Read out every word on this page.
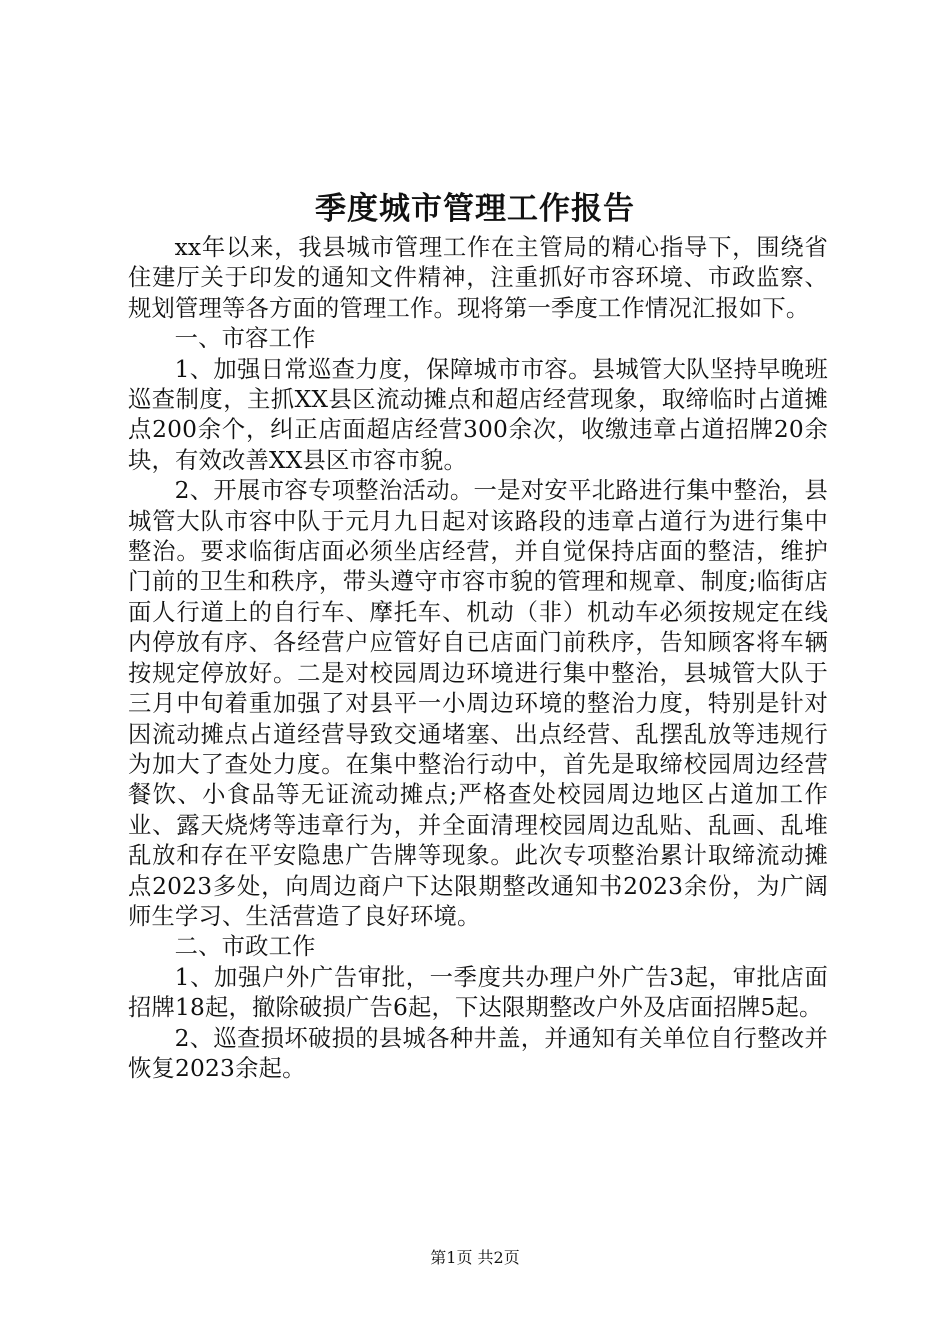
季度城市管理工作报告

xx年以来，我县城市管理工作在主管局的精心指导下，围绕省住建厅关于印发的通知文件精神，注重抓好市容环境、市政监察、规划管理等各方面的管理工作。现将第一季度工作情况汇报如下。

一、市容工作

1、加强日常巡查力度，保障城市市容。县城管大队坚持早晚班巡查制度，主抓XX县区流动摊点和超店经营现象，取缔临时占道摊点200余个，纠正店面超店经营300余次，收缴违章占道招牌20余块，有效改善XX县区市容市貌。

2、开展市容专项整治活动。一是对安平北路进行集中整治，县城管大队市容中队于元月九日起对该路段的违章占道行为进行集中整治。要求临街店面必须坐店经营，并自觉保持店面的整洁，维护门前的卫生和秩序，带头遵守市容市貌的管理和规章、制度;临街店面人行道上的自行车、摩托车、机动（非）机动车必须按规定在线内停放有序、各经营户应管好自已店面门前秩序，告知顾客将车辆按规定停放好。二是对校园周边环境进行集中整治，县城管大队于三月中旬着重加强了对县平一小周边环境的整治力度，特别是针对因流动摊点占道经营导致交通堵塞、出点经营、乱摆乱放等违规行为加大了查处力度。在集中整治行动中，首先是取缔校园周边经营餐饮、小食品等无证流动摊点;严格查处校园周边地区占道加工作业、露天烧烤等违章行为，并全面清理校园周边乱贴、乱画、乱堆乱放和存在平安隐患广告牌等现象。此次专项整治累计取缔流动摊点2023多处，向周边商户下达限期整改通知书2023余份，为广阔师生学习、生活营造了良好环境。

二、市政工作

1、加强户外广告审批，一季度共办理户外广告3起，审批店面招牌18起，撤除破损广告6起，下达限期整改户外及店面招牌5起。

2、巡查损坏破损的县城各种井盖，并通知有关单位自行整改并恢复2023余起。

第1页 共2页
